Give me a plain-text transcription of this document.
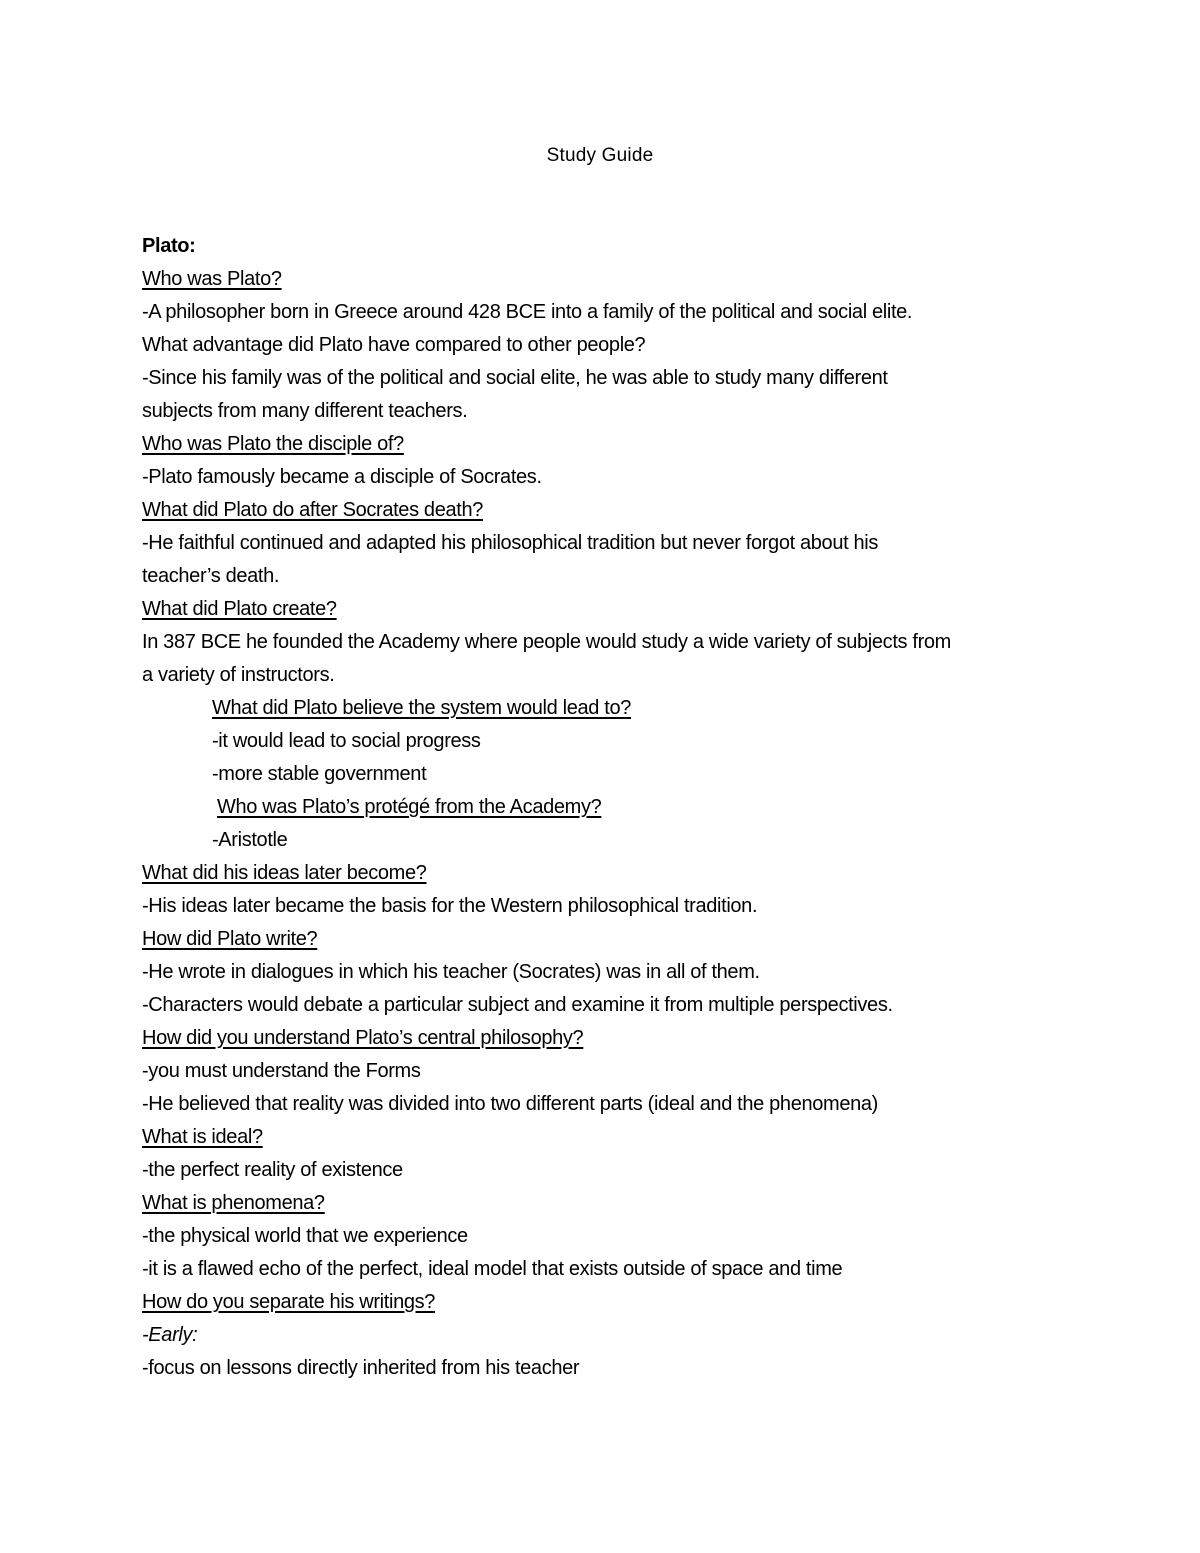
Study Guide
Plato:
Who was Plato?
-A philosopher born in Greece around 428 BCE into a family of the political and social elite.
What advantage did Plato have compared to other people?
-Since his family was of the political and social elite, he was able to study many different
subjects from many different teachers.
Who was Plato the disciple of?
-Plato famously became a disciple of Socrates.
What did Plato do after Socrates death?
-He faithful continued and adapted his philosophical tradition but never forgot about his
teacher’s death.
What did Plato create?
In 387 BCE he founded the Academy where people would study a wide variety of subjects from
a variety of instructors.
What did Plato believe the system would lead to?
-it would lead to social progress
-more stable government
Who was Plato’s protégé from the Academy?
-Aristotle
What did his ideas later become?
-His ideas later became the basis for the Western philosophical tradition.
How did Plato write?
-He wrote in dialogues in which his teacher (Socrates) was in all of them.
-Characters would debate a particular subject and examine it from multiple perspectives.
How did you understand Plato’s central philosophy?
-you must understand the Forms
-He believed that reality was divided into two different parts (ideal and the phenomena)
What is ideal?
-the perfect reality of existence
What is phenomena?
-the physical world that we experience
-it is a flawed echo of the perfect, ideal model that exists outside of space and time
How do you separate his writings?
-Early:
-focus on lessons directly inherited from his teacher
